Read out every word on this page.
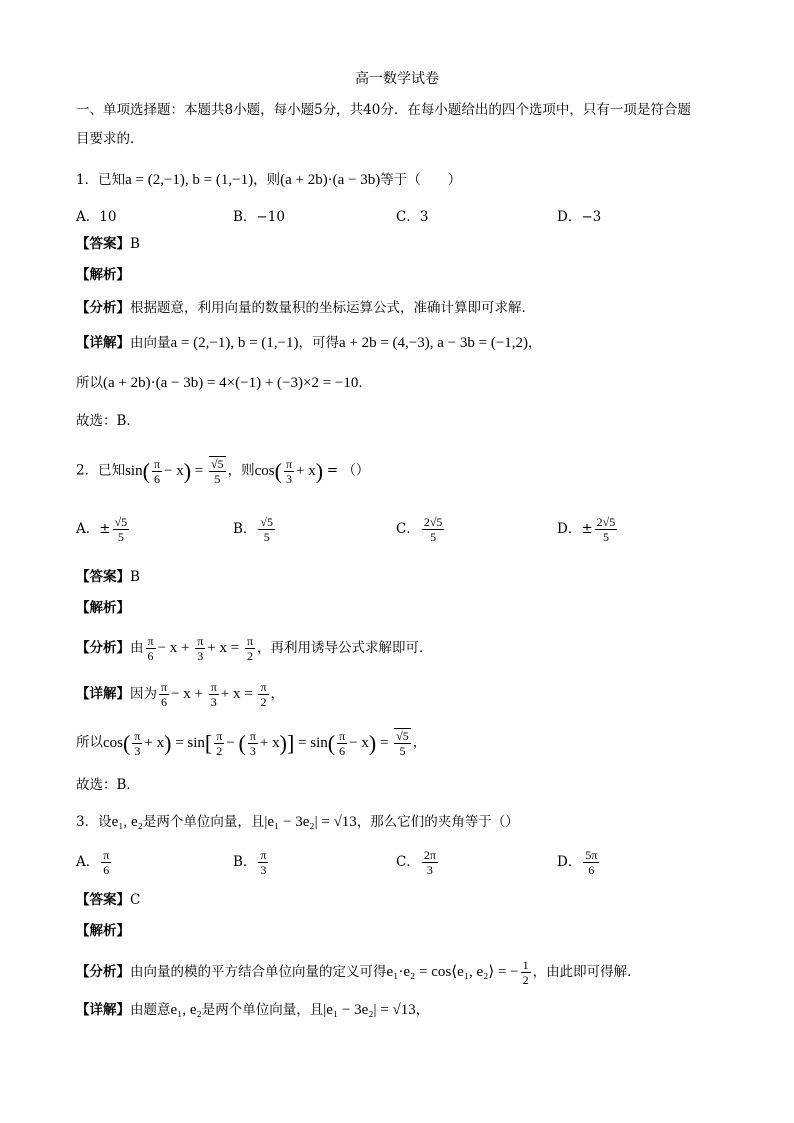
高一数学试卷
一、单项选择题：本题共8小题，每小题5分，共40分．在每小题给出的四个选项中，只有一项是符合题
目要求的．
1．已知a = (2,−1), b = (1,−1)，则(a + 2b)·(a − 3b)等于（　　）
A．10	B．−10	C．3	D．−3
【答案】B
【解析】
【分析】根据题意，利用向量的数量积的坐标运算公式，准确计算即可求解．
【详解】由向量a = (2,−1), b = (1,−1)，可得a + 2b = (4,−3), a − 3b = (−1,2)，
所以(a + 2b)·(a − 3b) = 4×(−1) + (−3)×2 = −10．
故选：B．
2．已知$\sin( \frac{\pi}{6} - x) = \frac{√5}{5}$ ，则$\cos( \frac{\pi}{3} + x)$ = （）
A．± $\frac{√5}{5}$	B． $\frac{√5}{5}$	C． $\frac{2√5}{5}$	D．± $\frac{2√5}{5}$
【答案】B
【解析】
【分析】由 $\frac{\pi}{6} - x + \frac{\pi}{3} + x = \frac{\pi}{2}$ ，再利用诱导公式求解即可．
【详解】因为 $\frac{\pi}{6} - x + \frac{\pi}{3} + x = \frac{\pi}{2}$ ，
所以$\cos( \frac{\pi}{3} + x) = \sin[ \frac{\pi}{2}$ − ( $\frac{\pi}{3} + x)] = \sin( \frac{\pi}{6} - x) = \frac{√5}{5}$ ，
故选：B．
3．设e₁, e₂是两个单位向量，且|e₁ − 3e₂| = √13，那么它们的夹角等于（）
A． $\frac{\pi}{6}$	B． $\frac{\pi}{3}$	C． $\frac{2\pi}{3}$	D． $\frac{5\pi}{6}$
【答案】C
【解析】
【分析】由向量的模的平方结合单位向量的定义可得e₁·e₂ = cos⟨e₁, e₂⟩ = − $\frac{1}{2}$ ，由此即可得解．
【详解】由题意e₁, e₂是两个单位向量，且|e₁ − 3e₂| = √13，
